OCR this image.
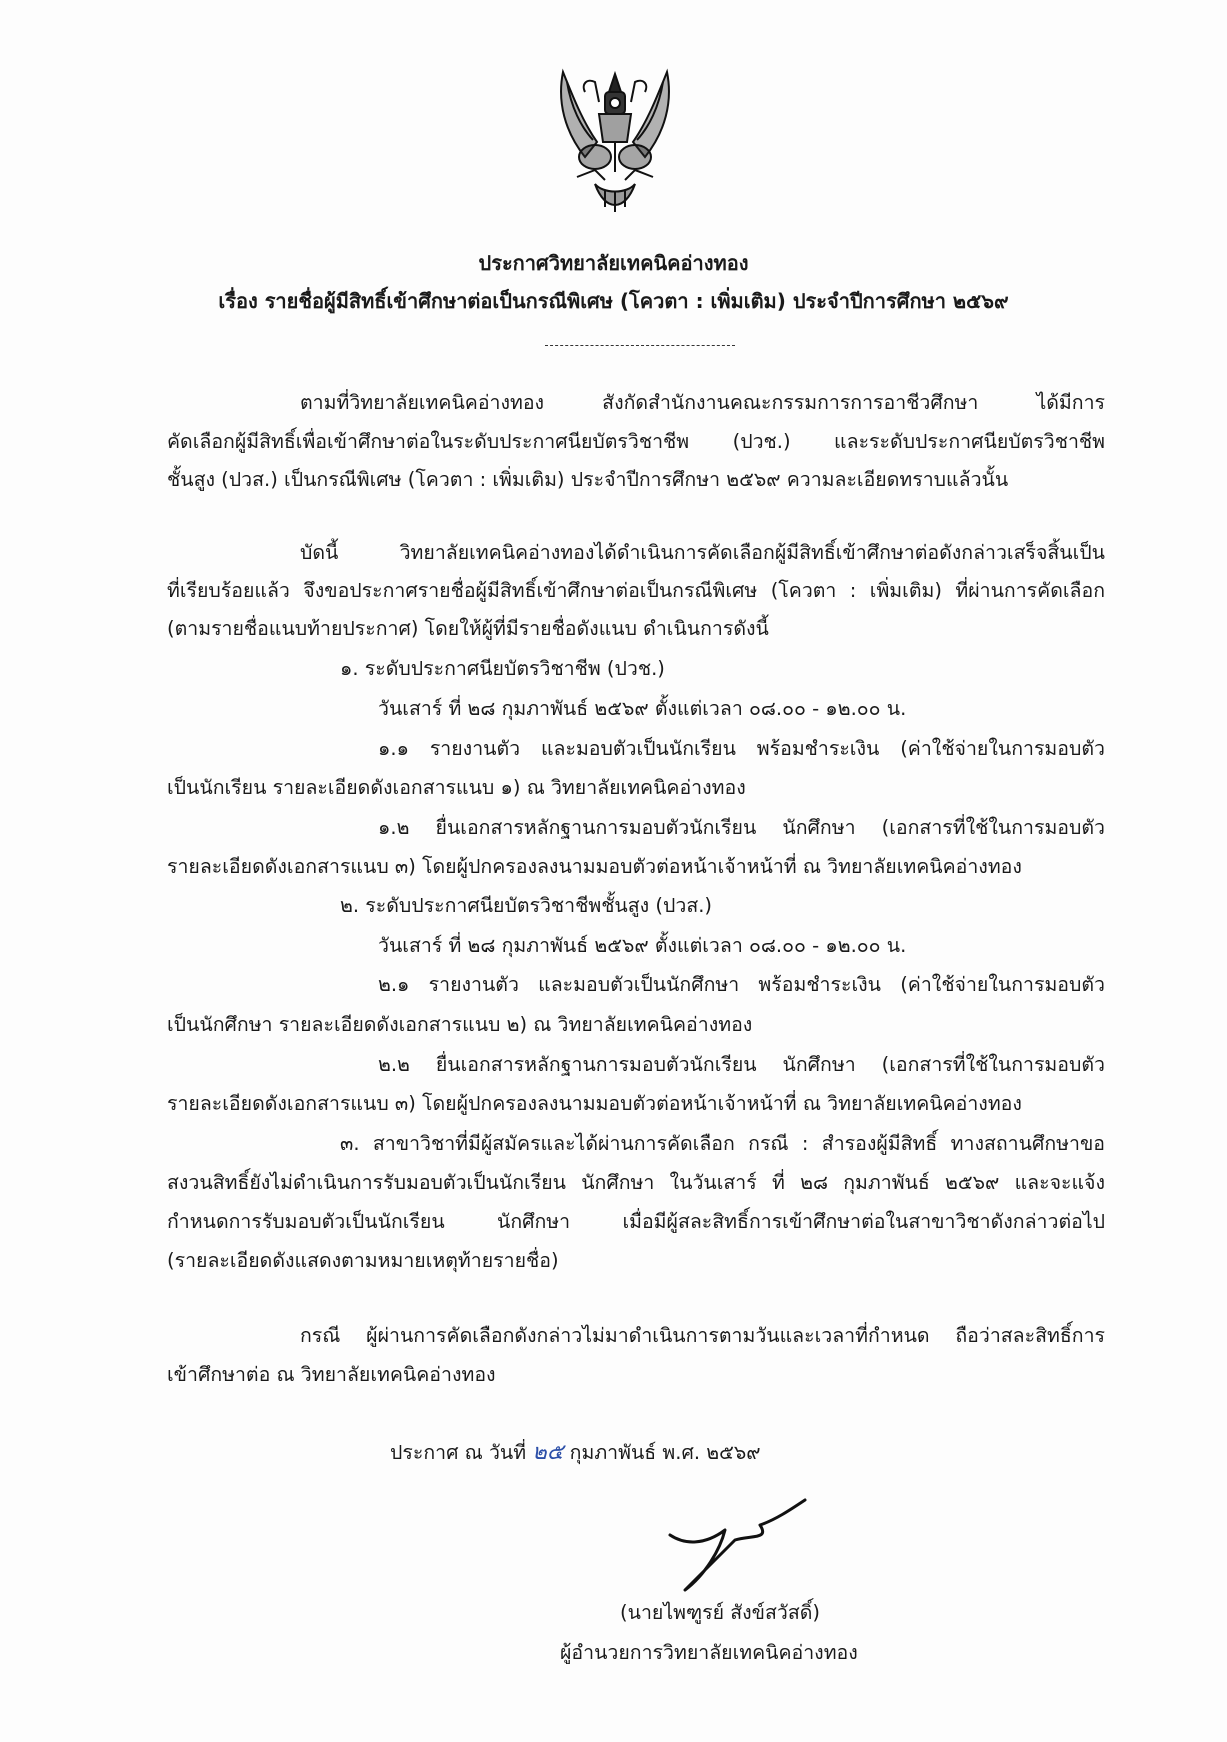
ประกาศวิทยาลัยเทคนิคอ่างทอง
เรื่อง รายชื่อผู้มีสิทธิ์เข้าศึกษาต่อเป็นกรณีพิเศษ (โควตา : เพิ่มเติม) ประจำปีการศึกษา ๒๕๖๙
ตามที่วิทยาลัยเทคนิคอ่างทอง สังกัดสำนักงานคณะกรรมการการอาชีวศึกษา ได้มีการ
คัดเลือกผู้มีสิทธิ์เพื่อเข้าศึกษาต่อในระดับประกาศนียบัตรวิชาชีพ (ปวช.) และระดับประกาศนียบัตรวิชาชีพ
ชั้นสูง (ปวส.) เป็นกรณีพิเศษ (โควตา : เพิ่มเติม) ประจำปีการศึกษา ๒๕๖๙ ความละเอียดทราบแล้วนั้น
บัดนี้ วิทยาลัยเทคนิคอ่างทองได้ดำเนินการคัดเลือกผู้มีสิทธิ์เข้าศึกษาต่อดังกล่าวเสร็จสิ้นเป็น
ที่เรียบร้อยแล้ว จึงขอประกาศรายชื่อผู้มีสิทธิ์เข้าศึกษาต่อเป็นกรณีพิเศษ (โควตา : เพิ่มเติม) ที่ผ่านการคัดเลือก
(ตามรายชื่อแนบท้ายประกาศ) โดยให้ผู้ที่มีรายชื่อดังแนบ ดำเนินการดังนี้
๑. ระดับประกาศนียบัตรวิชาชีพ (ปวช.)
วันเสาร์ ที่ ๒๘ กุมภาพันธ์ ๒๕๖๙ ตั้งแต่เวลา ๐๘.๐๐ - ๑๒.๐๐ น.
๑.๑ รายงานตัว และมอบตัวเป็นนักเรียน พร้อมชำระเงิน (ค่าใช้จ่ายในการมอบตัว
เป็นนักเรียน รายละเอียดดังเอกสารแนบ ๑) ณ วิทยาลัยเทคนิคอ่างทอง
๑.๒ ยื่นเอกสารหลักฐานการมอบตัวนักเรียน นักศึกษา (เอกสารที่ใช้ในการมอบตัว
รายละเอียดดังเอกสารแนบ ๓) โดยผู้ปกครองลงนามมอบตัวต่อหน้าเจ้าหน้าที่ ณ วิทยาลัยเทคนิคอ่างทอง
๒. ระดับประกาศนียบัตรวิชาชีพชั้นสูง (ปวส.)
วันเสาร์ ที่ ๒๘ กุมภาพันธ์ ๒๕๖๙ ตั้งแต่เวลา ๐๘.๐๐ - ๑๒.๐๐ น.
๒.๑ รายงานตัว และมอบตัวเป็นนักศึกษา พร้อมชำระเงิน (ค่าใช้จ่ายในการมอบตัว
เป็นนักศึกษา รายละเอียดดังเอกสารแนบ ๒) ณ วิทยาลัยเทคนิคอ่างทอง
๒.๒ ยื่นเอกสารหลักฐานการมอบตัวนักเรียน นักศึกษา (เอกสารที่ใช้ในการมอบตัว
รายละเอียดดังเอกสารแนบ ๓) โดยผู้ปกครองลงนามมอบตัวต่อหน้าเจ้าหน้าที่ ณ วิทยาลัยเทคนิคอ่างทอง
๓. สาขาวิชาที่มีผู้สมัครและได้ผ่านการคัดเลือก กรณี : สำรองผู้มีสิทธิ์ ทางสถานศึกษาขอ
สงวนสิทธิ์ยังไม่ดำเนินการรับมอบตัวเป็นนักเรียน นักศึกษา ในวันเสาร์ ที่ ๒๘ กุมภาพันธ์ ๒๕๖๙ และจะแจ้ง
กำหนดการรับมอบตัวเป็นนักเรียน นักศึกษา เมื่อมีผู้สละสิทธิ์การเข้าศึกษาต่อในสาขาวิชาดังกล่าวต่อไป
(รายละเอียดดังแสดงตามหมายเหตุท้ายรายชื่อ)
กรณี ผู้ผ่านการคัดเลือกดังกล่าวไม่มาดำเนินการตามวันและเวลาที่กำหนด ถือว่าสละสิทธิ์การ
เข้าศึกษาต่อ ณ วิทยาลัยเทคนิคอ่างทอง
ประกาศ ณ วันที่ ๒๕ กุมภาพันธ์ พ.ศ. ๒๕๖๙
(นายไพฑูรย์ สังข์สวัสดิ์)
ผู้อำนวยการวิทยาลัยเทคนิคอ่างทอง
